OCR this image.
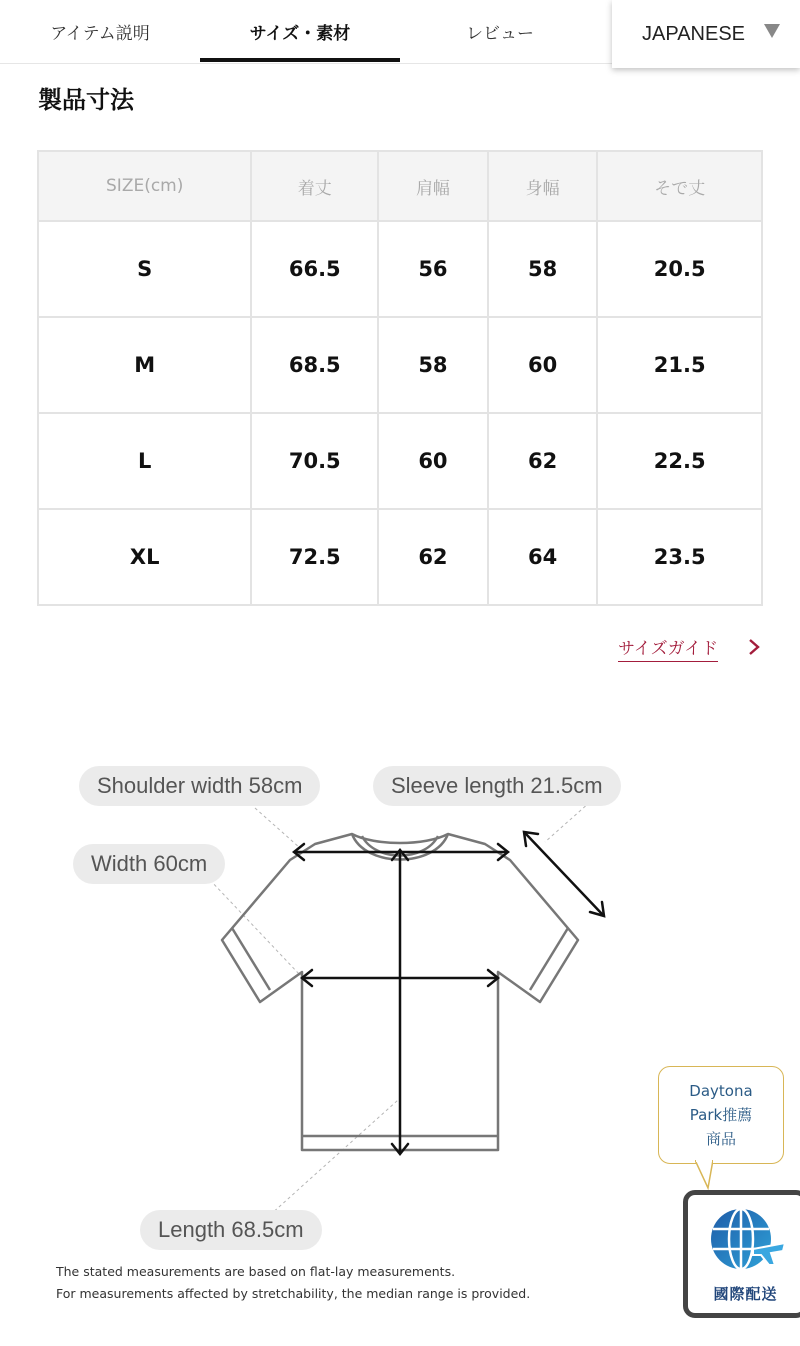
アイテム説明	サイズ・素材	レビュー	JAPANESE
製品寸法
SIZE(cm)	着丈	肩幅	身幅	そで丈
S	66.5	56	58	20.5
M	68.5	58	60	21.5
L	70.5	60	62	22.5
XL	72.5	62	64	23.5
サイズガイド
Shoulder width 58cm	Sleeve length 21.5cm
Width 60cm
Length 68.5cm
The stated measurements are based on flat-lay measurements.
For measurements affected by stretchability, the median range is provided.
Daytona
Park推薦
商品
國際配送
